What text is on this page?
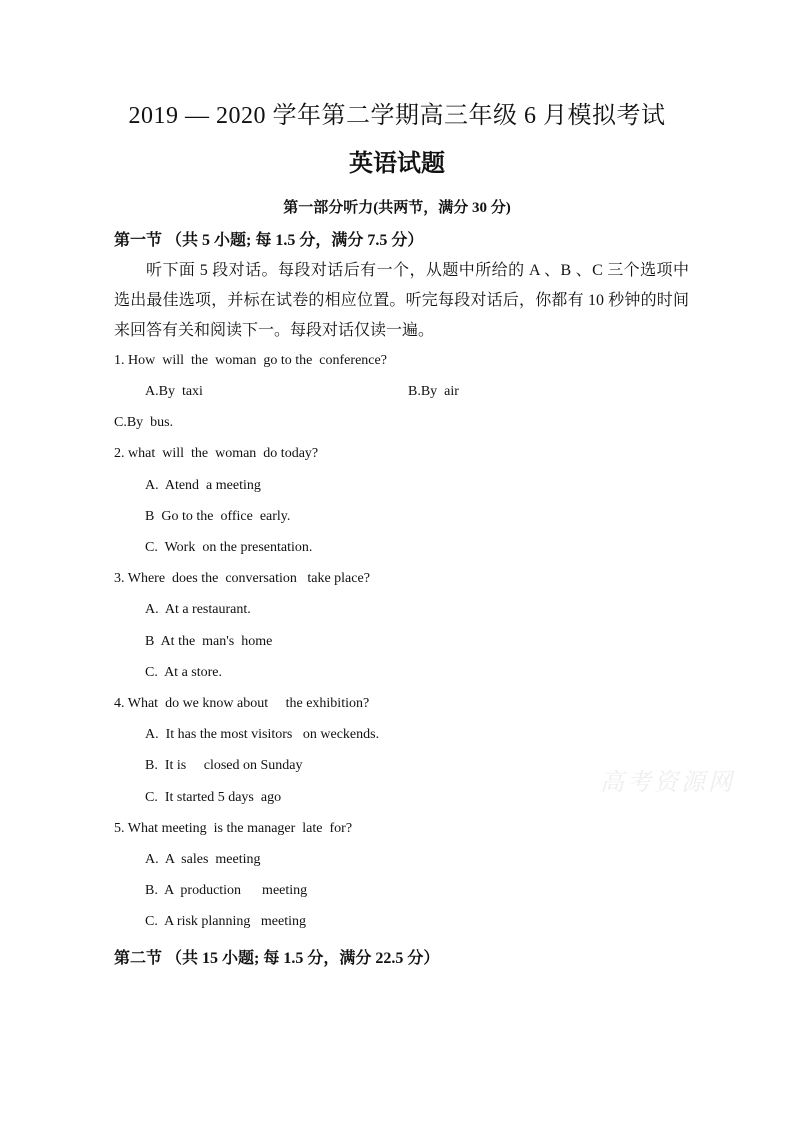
2019 — 2020 学年第二学期高三年级 6 月模拟考试
英语试题
第一部分听力(共两节，满分 30 分)
第一节 （共 5 小题; 每 1.5 分，满分 7.5 分）
听下面 5 段对话。每段对话后有一个，从题中所给的 A 、B 、C 三个选项中选出最佳选项，并标在试卷的相应位置。听完每段对话后，你都有 10 秒钟的时间来回答有关和阅读下一。每段对话仅读一遍。
1. How  will  the  woman  go to the  conference?
A.By  taxi	B.By  air
C.By  bus.
2. what  will  the  woman  do today?
A.  Atend  a meeting
B  Go to the  office  early.
C.  Work  on the presentation.
3. Where  does the  conversation   take place?
A.  At a restaurant.
B  At the  man's  home
C.  At a store.
4. What  do we know about     the exhibition?
A.  It has the most visitors   on weckends.
B.  It is     closed on Sunday
C.  It started 5 days  ago
5. What meeting  is the manager  late  for?
A.  A  sales  meeting
B.  A  production      meeting
C.  A risk planning   meeting
第二节 （共 15 小题; 每 1.5 分，满分 22.5 分）
高考资源网
